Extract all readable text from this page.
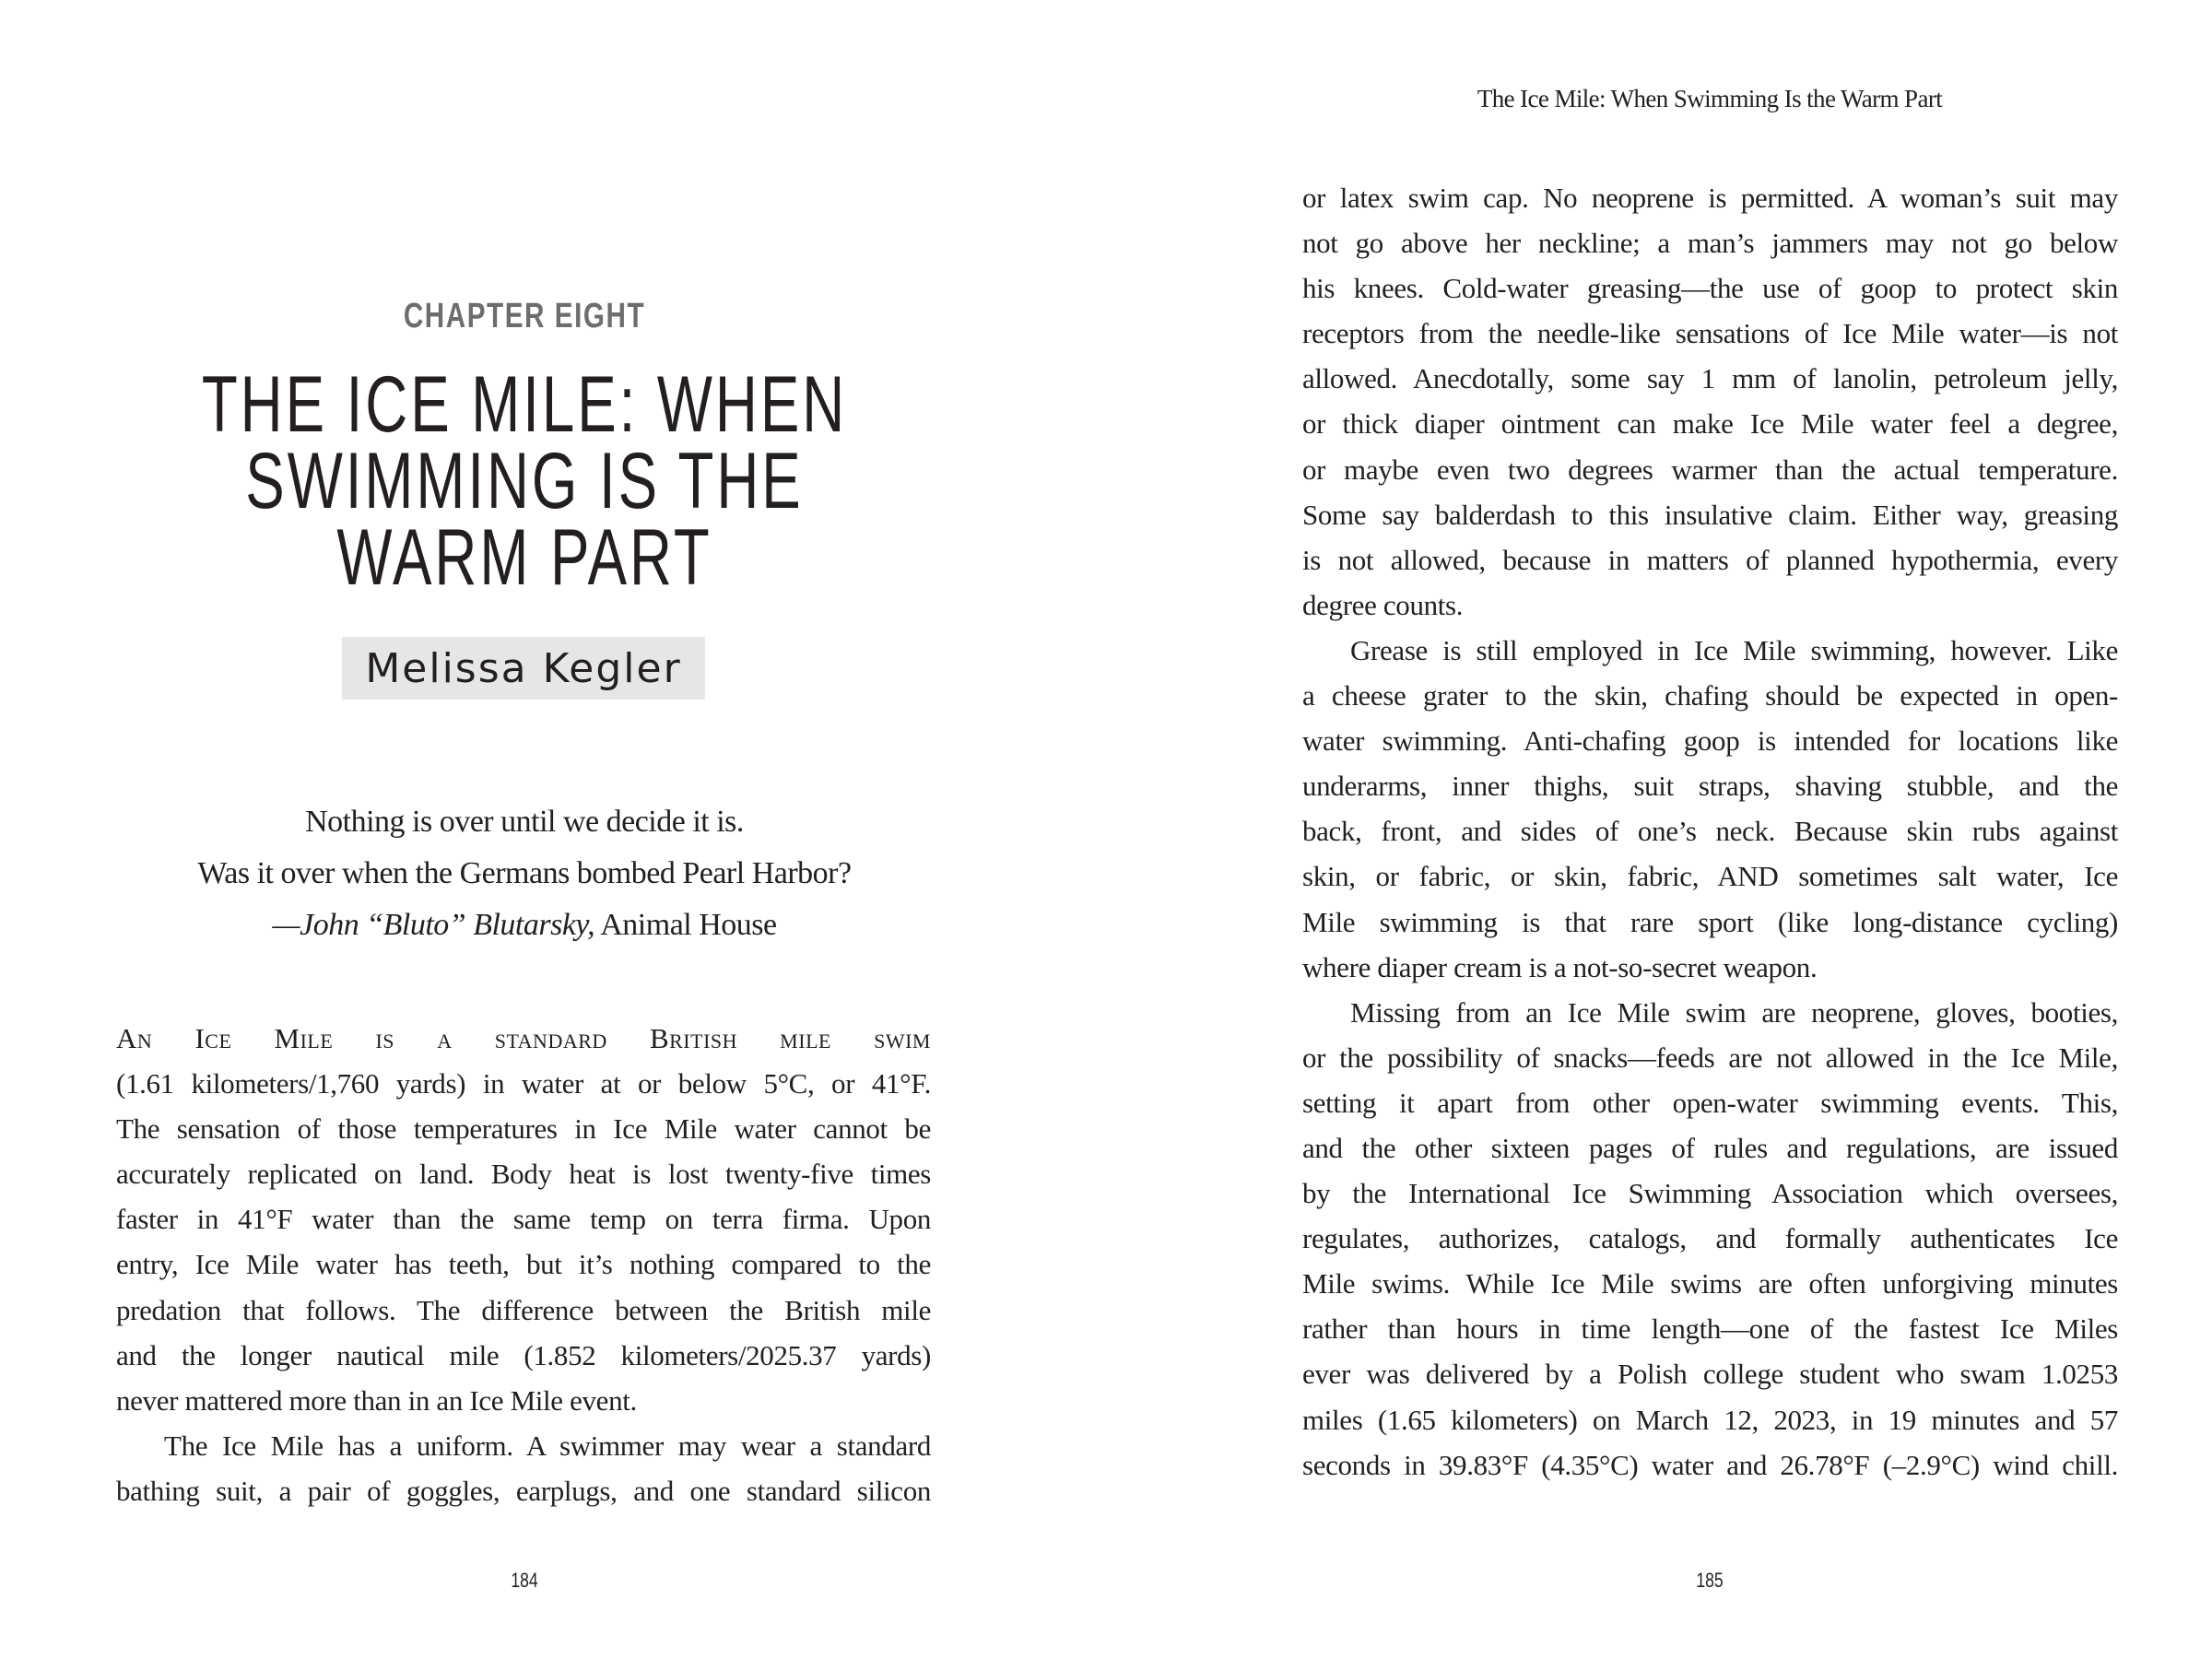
CHAPTER EIGHT
THE ICE MILE: WHEN
SWIMMING IS THE
WARM PART
Melissa Kegler
Nothing is over until we decide it is.
Was it over when the Germans bombed Pearl Harbor?
—John “Bluto” Blutarsky, Animal House
An Ice Mile is a standard British mile swim
(1.61 kilometers/1,760 yards) in water at or below 5°C, or 41°F.
The sensation of those temperatures in Ice Mile water cannot be
accurately replicated on land. Body heat is lost twenty-five times
faster in 41°F water than the same temp on terra firma. Upon
entry, Ice Mile water has teeth, but it’s nothing compared to the
predation that follows. The difference between the British mile
and the longer nautical mile (1.852 kilometers/2025.37 yards)
never mattered more than in an Ice Mile event.
The Ice Mile has a uniform. A swimmer may wear a standard
bathing suit, a pair of goggles, earplugs, and one standard silicon
184
The Ice Mile: When Swimming Is the Warm Part
or latex swim cap. No neoprene is permitted. A woman’s suit may
not go above her neckline; a man’s jammers may not go below
his knees. Cold-water greasing—the use of goop to protect skin
receptors from the needle-like sensations of Ice Mile water—is not
allowed. Anecdotally, some say 1 mm of lanolin, petroleum jelly,
or thick diaper ointment can make Ice Mile water feel a degree,
or maybe even two degrees warmer than the actual temperature.
Some say balderdash to this insulative claim. Either way, greasing
is not allowed, because in matters of planned hypothermia, every
degree counts.
Grease is still employed in Ice Mile swimming, however. Like
a cheese grater to the skin, chafing should be expected in open-
water swimming. Anti-chafing goop is intended for locations like
underarms, inner thighs, suit straps, shaving stubble, and the
back, front, and sides of one’s neck. Because skin rubs against
skin, or fabric, or skin, fabric, AND sometimes salt water, Ice
Mile swimming is that rare sport (like long-distance cycling)
where diaper cream is a not-so-secret weapon.
Missing from an Ice Mile swim are neoprene, gloves, booties,
or the possibility of snacks—feeds are not allowed in the Ice Mile,
setting it apart from other open-water swimming events. This,
and the other sixteen pages of rules and regulations, are issued
by the International Ice Swimming Association which oversees,
regulates, authorizes, catalogs, and formally authenticates Ice
Mile swims. While Ice Mile swims are often unforgiving minutes
rather than hours in time length—one of the fastest Ice Miles
ever was delivered by a Polish college student who swam 1.0253
miles (1.65 kilometers) on March 12, 2023, in 19 minutes and 57
seconds in 39.83°F (4.35°C) water and 26.78°F (–2.9°C) wind chill.
185
